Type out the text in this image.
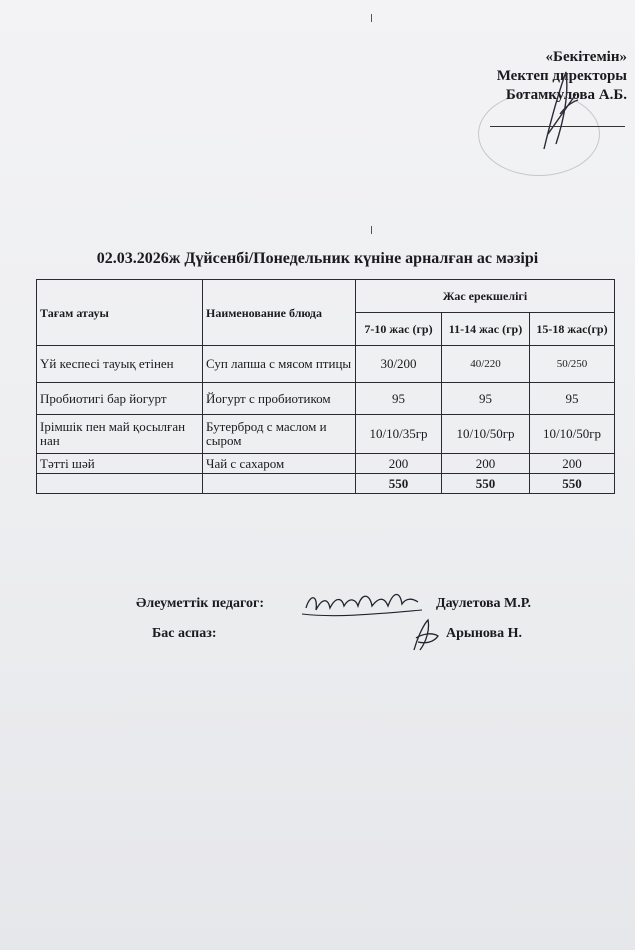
«Бекітемін»
Мектеп директоры
Ботамкулова А.Б.
02.03.2026ж Дүйсенбі/Понедельник күніне арналған ас мәзірі
Тағам атауы	Наименование блюда	Жас ерекшелігі		
		7-10 жас (гр)	11-14 жас (гр)	15-18 жас(гр)
Үй кеспесі тауық етінен	Суп лапша с мясом птицы	30/200	40/220	50/250
Пробиотигі бар йогурт	Йогурт с пробиотиком	95	95	95
Ірімшік пен май қосылған нан	Бутерброд с маслом и сыром	10/10/35гр	10/10/50гр	10/10/50гр
Тәтті шәй	Чай с сахаром	200	200	200
		550	550	550
Әлеуметтік педагог:	Даулетова М.Р.
Бас аспаз:	Арынова Н.
